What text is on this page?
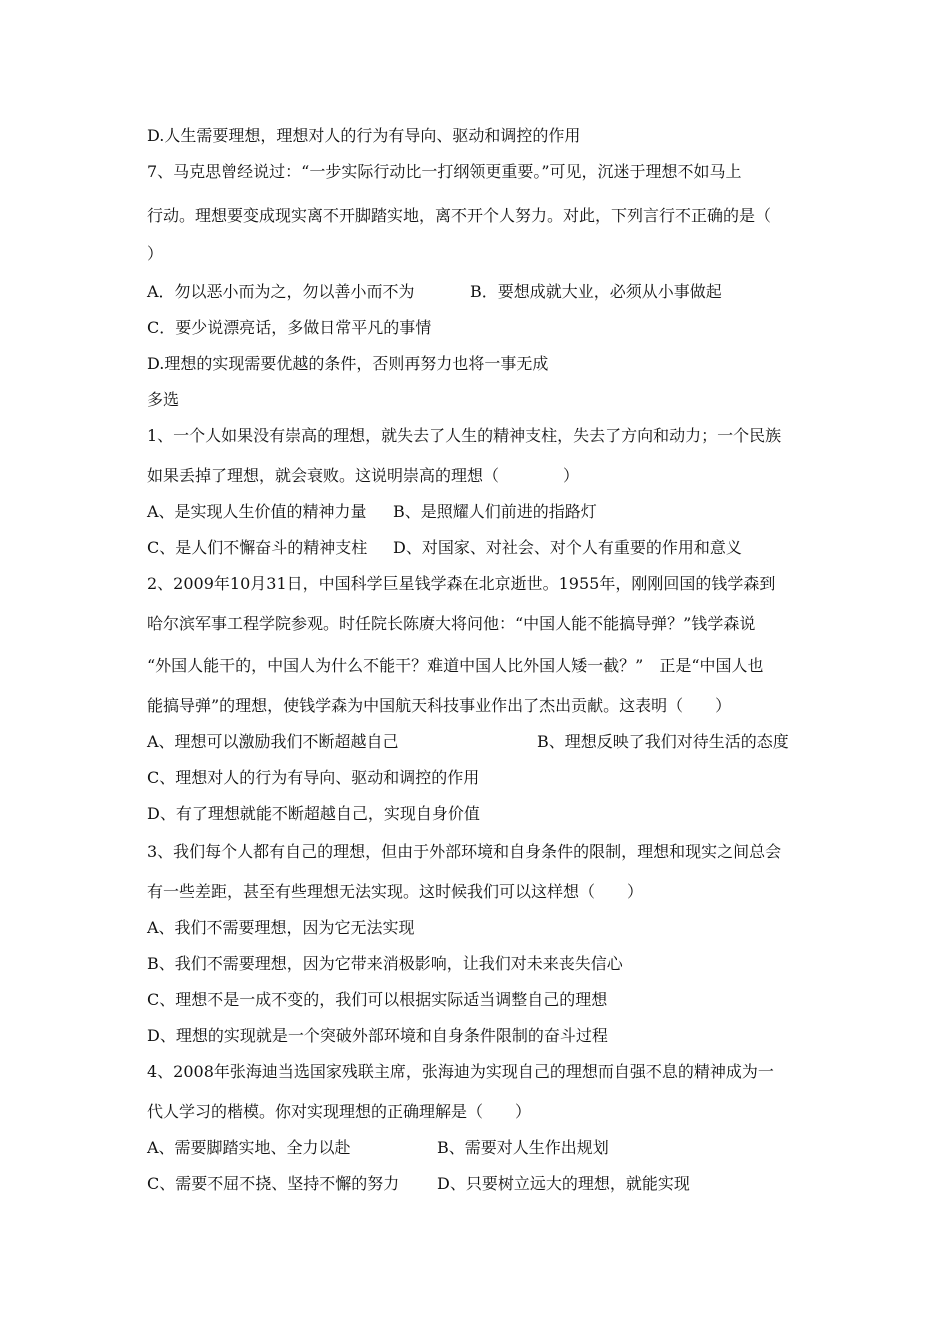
D.人生需要理想，理想对人的行为有导向、驱动和调控的作用
7、马克思曾经说过：“一步实际行动比一打纲领更重要。”可见，沉迷于理想不如马上
行动。理想要变成现实离不开脚踏实地，离不开个人努力。对此，下列言行不正确的是（
）
A．勿以恶小而为之，勿以善小而不为	B．要想成就大业，必须从小事做起
C．要少说漂亮话，多做日常平凡的事情
D.理想的实现需要优越的条件，否则再努力也将一事无成
多选
1、一个人如果没有崇高的理想，就失去了人生的精神支柱，失去了方向和动力；一个民族
如果丢掉了理想，就会衰败。这说明崇高的理想（　　　　）
A、是实现人生价值的精神力量	B、是照耀人们前进的指路灯
C、是人们不懈奋斗的精神支柱	D、对国家、对社会、对个人有重要的作用和意义
2、2009年10月31日，中国科学巨星钱学森在北京逝世。1955年，刚刚回国的钱学森到
哈尔滨军事工程学院参观。时任院长陈赓大将问他：“中国人能不能搞导弹？”钱学森说
“外国人能干的，中国人为什么不能干？难道中国人比外国人矮一截？”　正是“中国人也
能搞导弹”的理想，使钱学森为中国航天科技事业作出了杰出贡献。这表明（　　）
A、理想可以激励我们不断超越自己	B、理想反映了我们对待生活的态度
C、理想对人的行为有导向、驱动和调控的作用
D、有了理想就能不断超越自己，实现自身价值
3、我们每个人都有自己的理想，但由于外部环境和自身条件的限制，理想和现实之间总会
有一些差距，甚至有些理想无法实现。这时候我们可以这样想（　　）
A、我们不需要理想，因为它无法实现
B、我们不需要理想，因为它带来消极影响，让我们对未来丧失信心
C、理想不是一成不变的，我们可以根据实际适当调整自己的理想
D、理想的实现就是一个突破外部环境和自身条件限制的奋斗过程
4、2008年张海迪当选国家残联主席，张海迪为实现自己的理想而自强不息的精神成为一
代人学习的楷模。你对实现理想的正确理解是（　　）
A、需要脚踏实地、全力以赴	B、需要对人生作出规划
C、需要不屈不挠、坚持不懈的努力	D、只要树立远大的理想，就能实现
